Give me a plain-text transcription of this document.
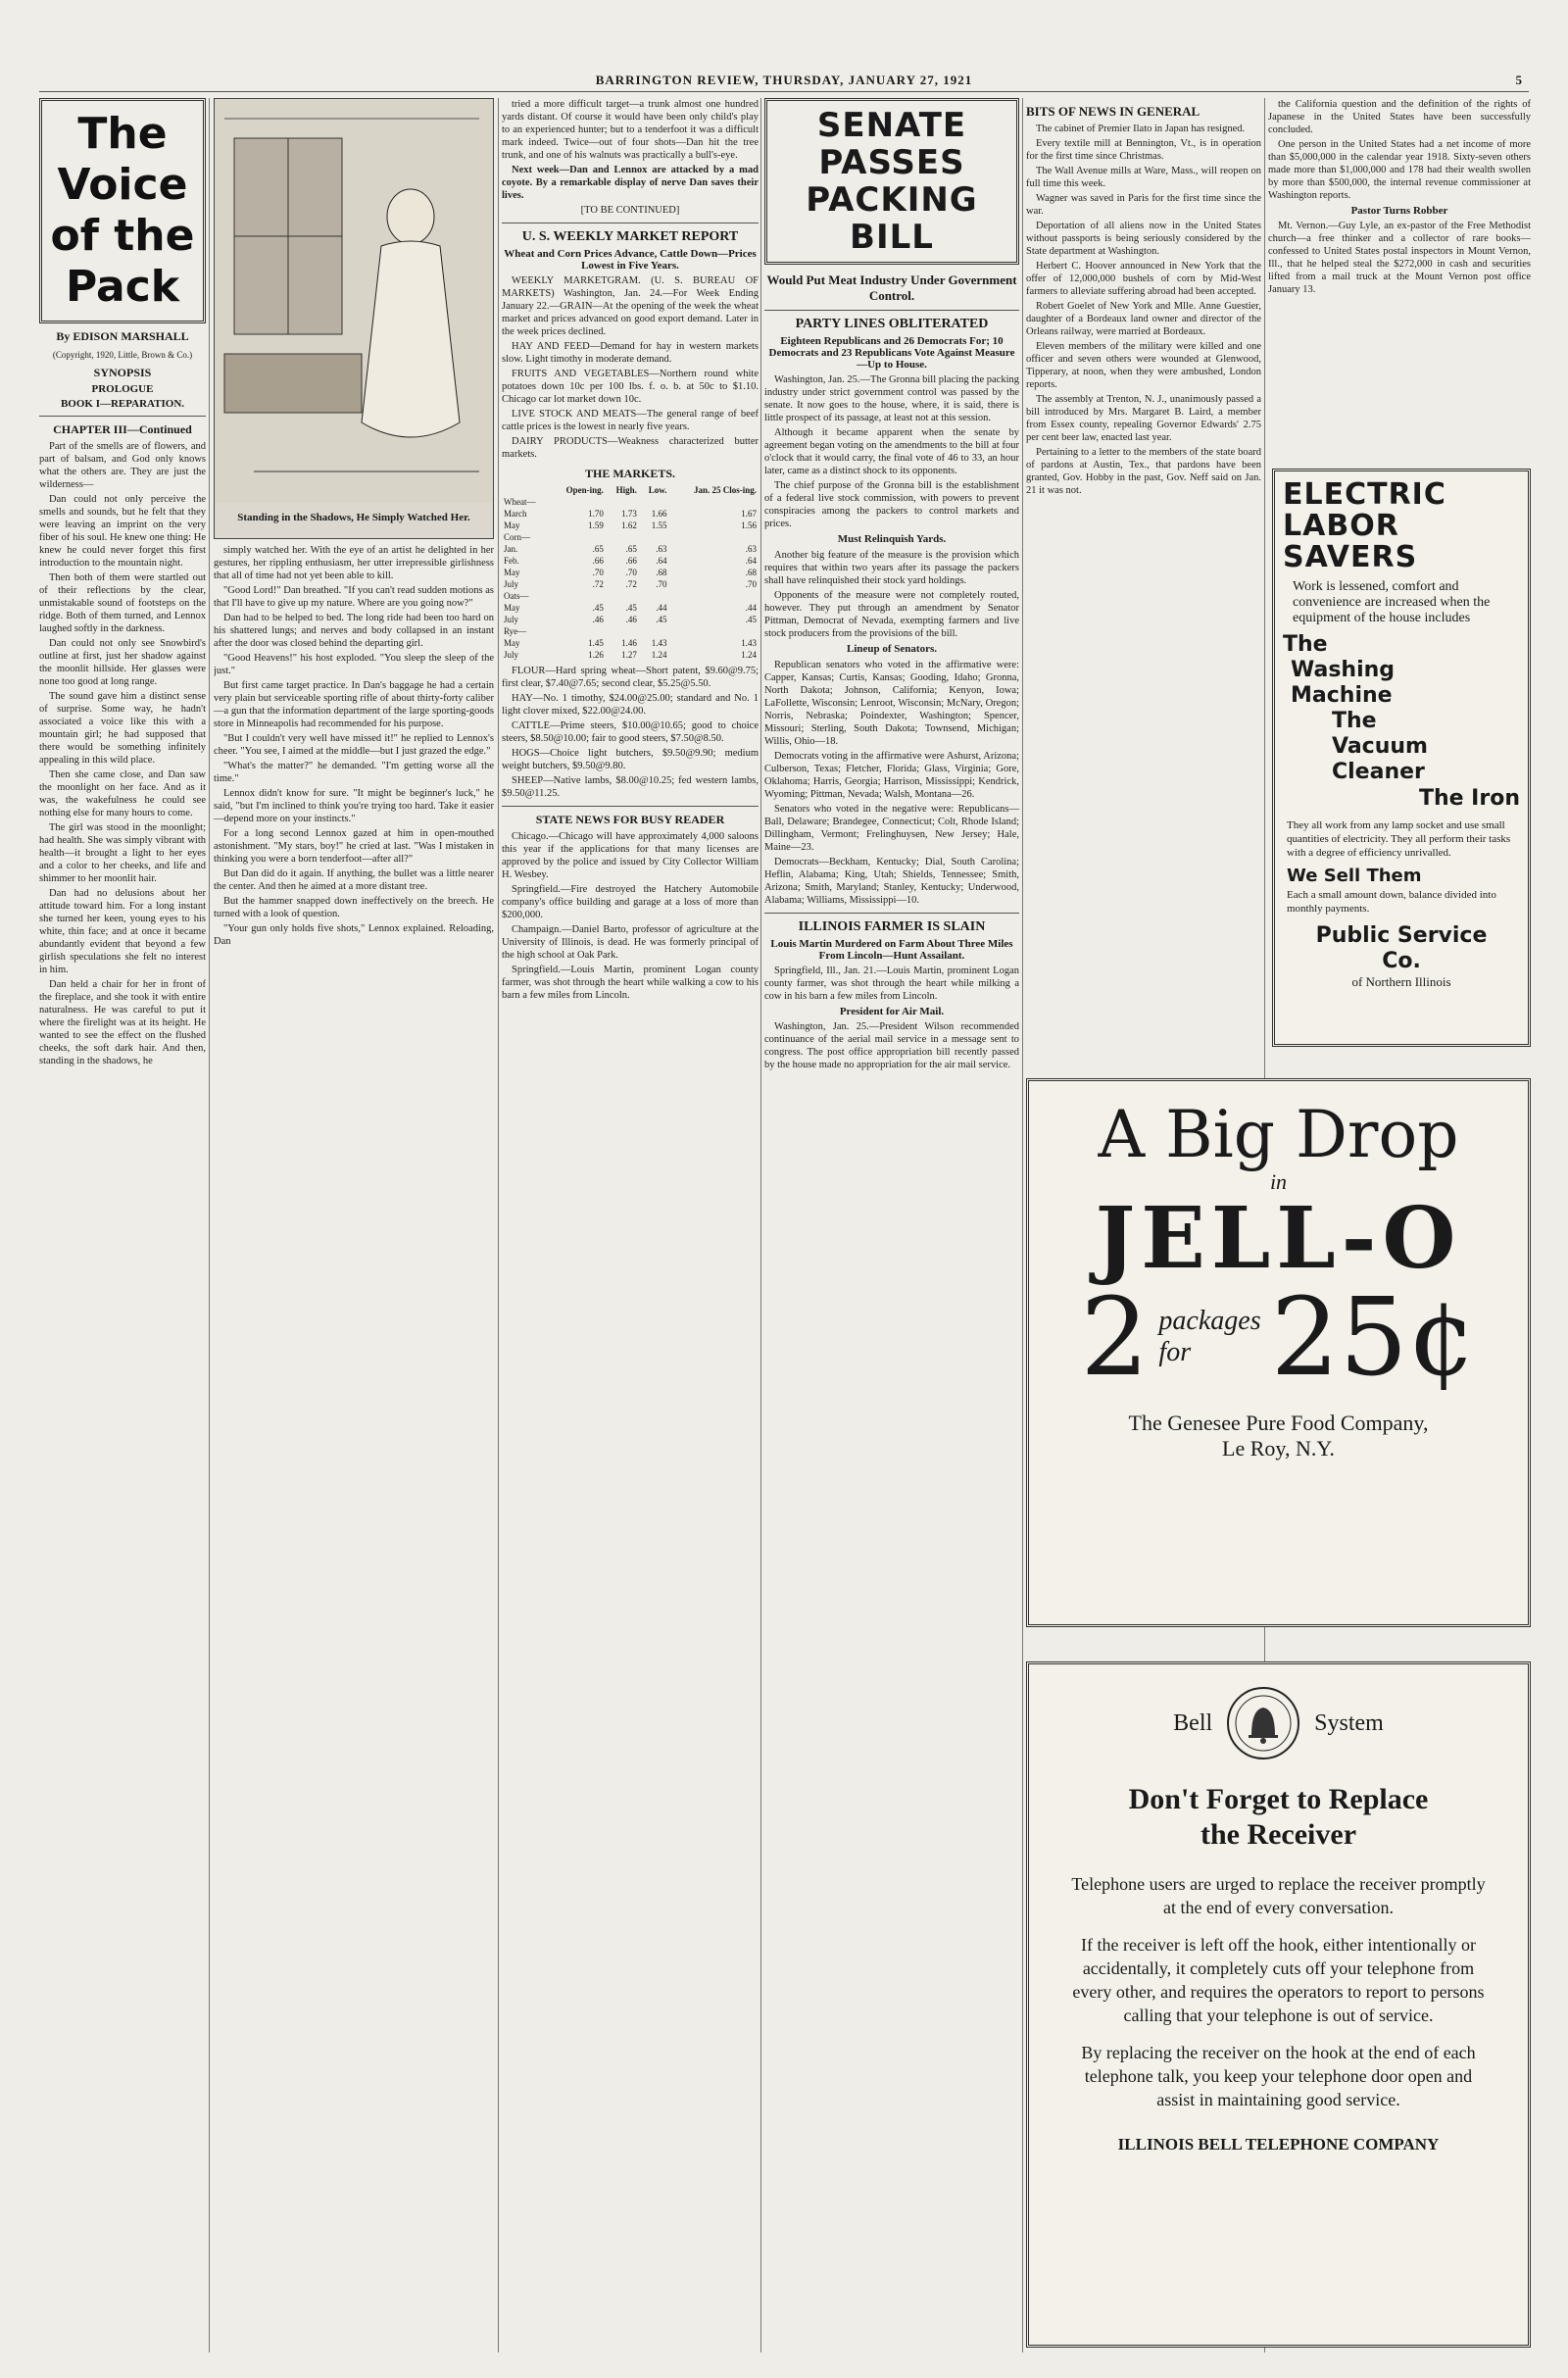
BARRINGTON REVIEW, THURSDAY, JANUARY 27, 1921	5
The Voice
of the Pack
By EDISON MARSHALL
(Copyright, 1920, Little, Brown & Co.)
SYNOPSIS
PROLOGUE
BOOK I—REPARATION.
CHAPTER III—Continued

Part of the smells are of flowers, and part of balsam, and God only knows what the others are. They are just the wilderness—

Dan could not only perceive the smells and sounds, but he felt that they were leaving an imprint on the very fiber of his soul. He knew one thing: He knew he could never forget this first introduction to the mountain night.

Then both of them were startled out of their reflections by the clear, unmistakable sound of footsteps on the ridge. Both of them turned, and Lennox laughed softly in the darkness.

Dan could not only see Snowbird's outline at first, just her shadow against the moonlit hillside. Her glasses were none too good at long range.

The sound gave him a distinct sense of surprise. Some way, he hadn't associated a voice like this with a mountain girl; he had supposed that there would be something infinitely appealing in this wild place.

Then she came close, and Dan saw the moonlight on her face. And as it was, the wakefulness he could see nothing else for many hours to come.

The girl was stood in the moonlight; had health. She was simply vibrant with health—it brought a light to her eyes and a color to her cheeks, and life and shimmer to her moonlit hair.

Dan had no delusions about her attitude toward him. For a long instant she turned her keen, young eyes to his white, thin face; and at once it became abundantly evident that beyond a few girlish speculations she felt no interest in him.

Dan held a chair for her in front of the fireplace, and she took it with entire naturalness. He was careful to put it where the firelight was at its height. He wanted to see the effect on the flushed cheeks, the soft dark hair. And then, standing in the shadows, he

Standing in the Shadows, He Simply Watched Her.

simply watched her. With the eye of an artist he delighted in her gestures, her rippling enthusiasm, her utter irrepressible girlishness that all of time had not yet been able to kill.

"Good Lord!" Dan breathed. "If you can't read sudden motions as that I'll have to give up my nature. Where are you going now?"

Dan had to be helped to bed. The long ride had been too hard on his shattered lungs; and nerves and body collapsed in an instant after the door was closed behind the departing girl.

"Good Heavens!" his host exploded. "You sleep the sleep of the just."

But first came target practice. In Dan's baggage he had a certain very plain but serviceable sporting rifle of about thirty-forty caliber—a gun that the information department of the large sporting-goods store in Minneapolis had recommended for his purpose.

"But I couldn't very well have missed it!" he replied to Lennox's cheer. "You see, I aimed at the middle—but I just grazed the edge."

"What's the matter?" he demanded. "I'm getting worse all the time."

Lennox didn't know for sure. "It might be beginner's luck," he said, "but I'm inclined to think you're trying too hard. Take it easier—depend more on your instincts."

For a long second Lennox gazed at him in open-mouthed astonishment. "My stars, boy!" he cried at last. "Was I mistaken in thinking you were a born tenderfoot—after all?"

But Dan did do it again. If anything, the bullet was a little nearer the center. And then he aimed at a more distant tree.

But the hammer snapped down ineffectively on the breech. He turned with a look of question.

"Your gun only holds five shots," Lennox explained. Reloading, Dan

tried a more difficult target—a trunk almost one hundred yards distant. Of course it would have been only child's play to an experienced hunter; but to a tenderfoot it was a difficult mark indeed. Twice—out of four shots—Dan hit the tree trunk, and one of his walnuts was practically a bull's-eye.

Next week—Dan and Lennox are attacked by a mad coyote. By a remarkable display of nerve Dan saves their lives.

[TO BE CONTINUED]

U. S. WEEKLY MARKET REPORT
Wheat and Corn Prices Advance, Cattle Down—Prices Lowest in Five Years.

WEEKLY MARKETGRAM. (U. S. BUREAU OF MARKETS) Washington, Jan. 24.—For Week Ending January 22.—GRAIN—At the opening of the week the wheat market and prices advanced on good export demand. Later in the week prices declined.

HAY AND FEED—Demand for hay in western markets slow. Light timothy in moderate demand.

FRUITS AND VEGETABLES—Northern round white potatoes down 10c per 100 lbs. f. o. b. at 50c to $1.10. Chicago car lot market down 10c.

LIVE STOCK AND MEATS—The general range of beef cattle prices is the lowest in nearly five years.

DAIRY PRODUCTS—Weakness characterized butter markets.

THE MARKETS.
	Open-ing.	High.	Low.	Jan. 25 Clos-ing.
Wheat—				
March	1.70	1.73	1.66	1.67
May	1.59	1.62	1.55	1.56
Corn—				
Jan.	.65	.65	.63	.63
Feb.	.66	.66	.64	.64
May	.70	.70	.68	.68
July	.72	.72	.70	.70
Oats—				
May	.45	.45	.44	.44
July	.46	.46	.45	.45
Rye—				
May	1.45	1.46	1.43	1.43
July	1.26	1.27	1.24	1.24

FLOUR—Hard spring wheat—Short patent, $9.60@9.75; first clear, $7.40@7.65; second clear, $5.25@5.50.

HAY—No. 1 timothy, $24.00@25.00; standard and No. 1 light clover mixed, $22.00@24.00.

CATTLE—Prime steers, $10.00@10.65; good to choice steers, $8.50@10.00; fair to good steers, $7.50@8.50.

HOGS—Choice light butchers, $9.50@9.90; medium weight butchers, $9.50@9.80.

SHEEP—Native lambs, $8.00@10.25; fed western lambs, $9.50@11.25.

STATE NEWS FOR BUSY READER

Chicago.—Chicago will have approximately 4,000 saloons this year if the applications for that many licenses are approved by the police and issued by City Collector William H. Wesbey.

Springfield.—Fire destroyed the Hatchery Automobile company's office building and garage at a loss of more than $200,000.

Champaign.—Daniel Barto, professor of agriculture at the University of Illinois, is dead. He was formerly principal of the high school at Oak Park.

Springfield.—Louis Martin, prominent Logan county farmer, was shot through the heart while walking a cow to his barn a few miles from Lincoln.

SENATE PASSES
PACKING BILL
Would Put Meat Industry Under Government Control.
PARTY LINES OBLITERATED
Eighteen Republicans and 26 Democrats For; 10 Democrats and 23 Republicans Vote Against Measure—Up to House.

Washington, Jan. 25.—The Gronna bill placing the packing industry under strict government control was passed by the senate. It now goes to the house, where, it is said, there is little prospect of its passage, at least not at this session.

Although it became apparent when the senate by agreement began voting on the amendments to the bill at four o'clock that it would carry, the final vote of 46 to 33, an hour later, came as a distinct shock to its opponents.

The chief purpose of the Gronna bill is the establishment of a federal live stock commission, with powers to prevent conspiracies among the packers to control markets and prices.

Must Relinquish Yards.

Another big feature of the measure is the provision which requires that within two years after its passage the packers shall have relinquished their stock yard holdings.

Opponents of the measure were not completely routed, however. They put through an amendment by Senator Pittman, Democrat of Nevada, exempting farmers and live stock producers from the provisions of the bill.

Lineup of Senators.

Republican senators who voted in the affirmative were: Capper, Kansas; Curtis, Kansas; Gooding, Idaho; Gronna, North Dakota; Johnson, California; Kenyon, Iowa; LaFollette, Wisconsin; Lenroot, Wisconsin; McNary, Oregon; Norris, Nebraska; Poindexter, Washington; Spencer, Missouri; Sterling, South Dakota; Townsend, Michigan; Willis, Ohio—18.

Democrats voting in the affirmative were Ashurst, Arizona; Culberson, Texas; Fletcher, Florida; Glass, Virginia; Gore, Oklahoma; Harris, Georgia; Harrison, Mississippi; Kendrick, Wyoming; Pittman, Nevada; Walsh, Montana—26.

Senators who voted in the negative were: Republicans—Ball, Delaware; Brandegee, Connecticut; Colt, Rhode Island; Dillingham, Vermont; Frelinghuysen, New Jersey; Hale, Maine—23.

Democrats—Beckham, Kentucky; Dial, South Carolina; Heflin, Alabama; King, Utah; Shields, Tennessee; Smith, Arizona; Smith, Maryland; Stanley, Kentucky; Underwood, Alabama; Williams, Mississippi—10.

ILLINOIS FARMER IS SLAIN
Louis Martin Murdered on Farm About Three Miles From Lincoln—Hunt Assailant.

Springfield, Ill., Jan. 21.—Louis Martin, prominent Logan county farmer, was shot through the heart while milking a cow in his barn a few miles from Lincoln.

President for Air Mail.

Washington, Jan. 25.—President Wilson recommended continuance of the aerial mail service in a message sent to congress. The post office appropriation bill recently passed by the house made no appropriation for the air mail service.

BITS OF NEWS IN GENERAL

The cabinet of Premier Ilato in Japan has resigned.

Every textile mill at Bennington, Vt., is in operation for the first time since Christmas.

The Wall Avenue mills at Ware, Mass., will reopen on full time this week.

Wagner was saved in Paris for the first time since the war.

Deportation of all aliens now in the United States without passports is being seriously considered by the State department at Washington.

Herbert C. Hoover announced in New York that the offer of 12,000,000 bushels of corn by Mid-West farmers to alleviate suffering abroad had been accepted.

Robert Goelet of New York and Mlle. Anne Guestier, daughter of a Bordeaux land owner and director of the Orleans railway, were married at Bordeaux.

Eleven members of the military were killed and one officer and seven others were wounded at Glenwood, Tipperary, at noon, when they were ambushed, London reports.

The assembly at Trenton, N. J., unanimously passed a bill introduced by Mrs. Margaret B. Laird, a member from Essex county, repealing Governor Edwards' 2.75 per cent beer law, enacted last year.

Pertaining to a letter to the members of the state board of pardons at Austin, Tex., that pardons have been granted, Gov. Hobby in the past, Gov. Neff said on Jan. 21 it was not.

the California question and the definition of the rights of Japanese in the United States have been successfully concluded.

One person in the United States had a net income of more than $5,000,000 in the calendar year 1918. Sixty-seven others made more than $1,000,000 and 178 had their wealth swollen by more than $500,000, the internal revenue commissioner at Washington reports.

Pastor Turns Robber

Mt. Vernon.—Guy Lyle, an ex-pastor of the Free Methodist church—a free thinker and a collector of rare books—confessed to United States postal inspectors in Mount Vernon, Ill., that he helped steal the $272,000 in cash and securities lifted from a mail truck at the Mount Vernon post office January 13.

ELECTRIC
LABOR
SAVERS
Work is lessened, comfort and convenience are increased when the equipment of the house includes
The
Washing
Machine
The
Vacuum
Cleaner
The Iron
They all work from any lamp socket and use small quantities of electricity. They all perform their tasks with a degree of efficiency unrivalled.
We Sell Them
Each a small amount down, balance divided into monthly payments.
Public Service
Co.
of Northern Illinois
A Big Drop
in
JELL-O
2 packages
for 25¢
The Genesee Pure Food Company,
Le Roy, N.Y.
Bell	System
Don't Forget to Replace
the Receiver
Telephone users are urged to replace the receiver promptly at the end of every conversation.
If the receiver is left off the hook, either intentionally or accidentally, it completely cuts off your telephone from every other, and requires the operators to report to persons calling that your telephone is out of service.
By replacing the receiver on the hook at the end of each telephone talk, you keep your telephone door open and assist in maintaining good service.
ILLINOIS BELL TELEPHONE COMPANY
